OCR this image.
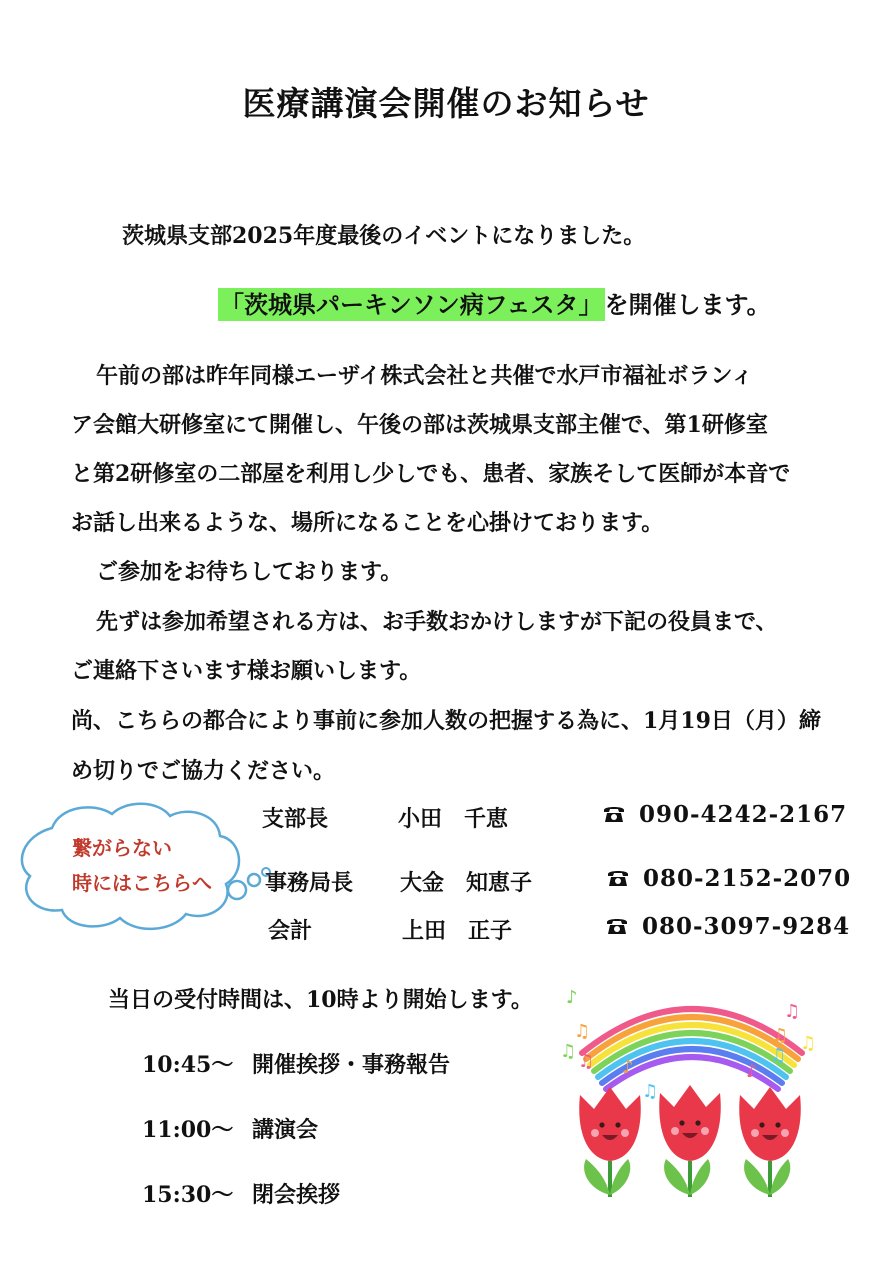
医療講演会開催のお知らせ
茨城県支部2025年度最後のイベントになりました。
「茨城県パーキンソン病フェスタ」を開催します。
午前の部は昨年同様エーザイ株式会社と共催で水戸市福祉ボランィ
ア会館大研修室にて開催し、午後の部は茨城県支部主催で、第1研修室
と第2研修室の二部屋を利用し少しでも、患者、家族そして医師が本音で
お話し出来るような、場所になることを心掛けております。
ご参加をお待ちしております。
先ずは参加希望される方は、お手数おかけしますが下記の役員まで、
ご連絡下さいます様お願いします。
尚、こちらの都合により事前に参加人数の把握する為に、1月19日（月）締
め切りでご協力ください。
繋がらない
時にはこちらへ
支部長	小田　千恵	090-4242-2167
事務局長 大金　知恵子	080-2152-2070
会計	上田　正子	080-3097-9284
当日の受付時間は、10時より開始します。
10:45～ 開催挨拶・事務報告
11:00～ 講演会
15:30～ 閉会挨拶
♪
♫
♫ ♫ ♪
♫
♫
♫ ♫
♫
♪
